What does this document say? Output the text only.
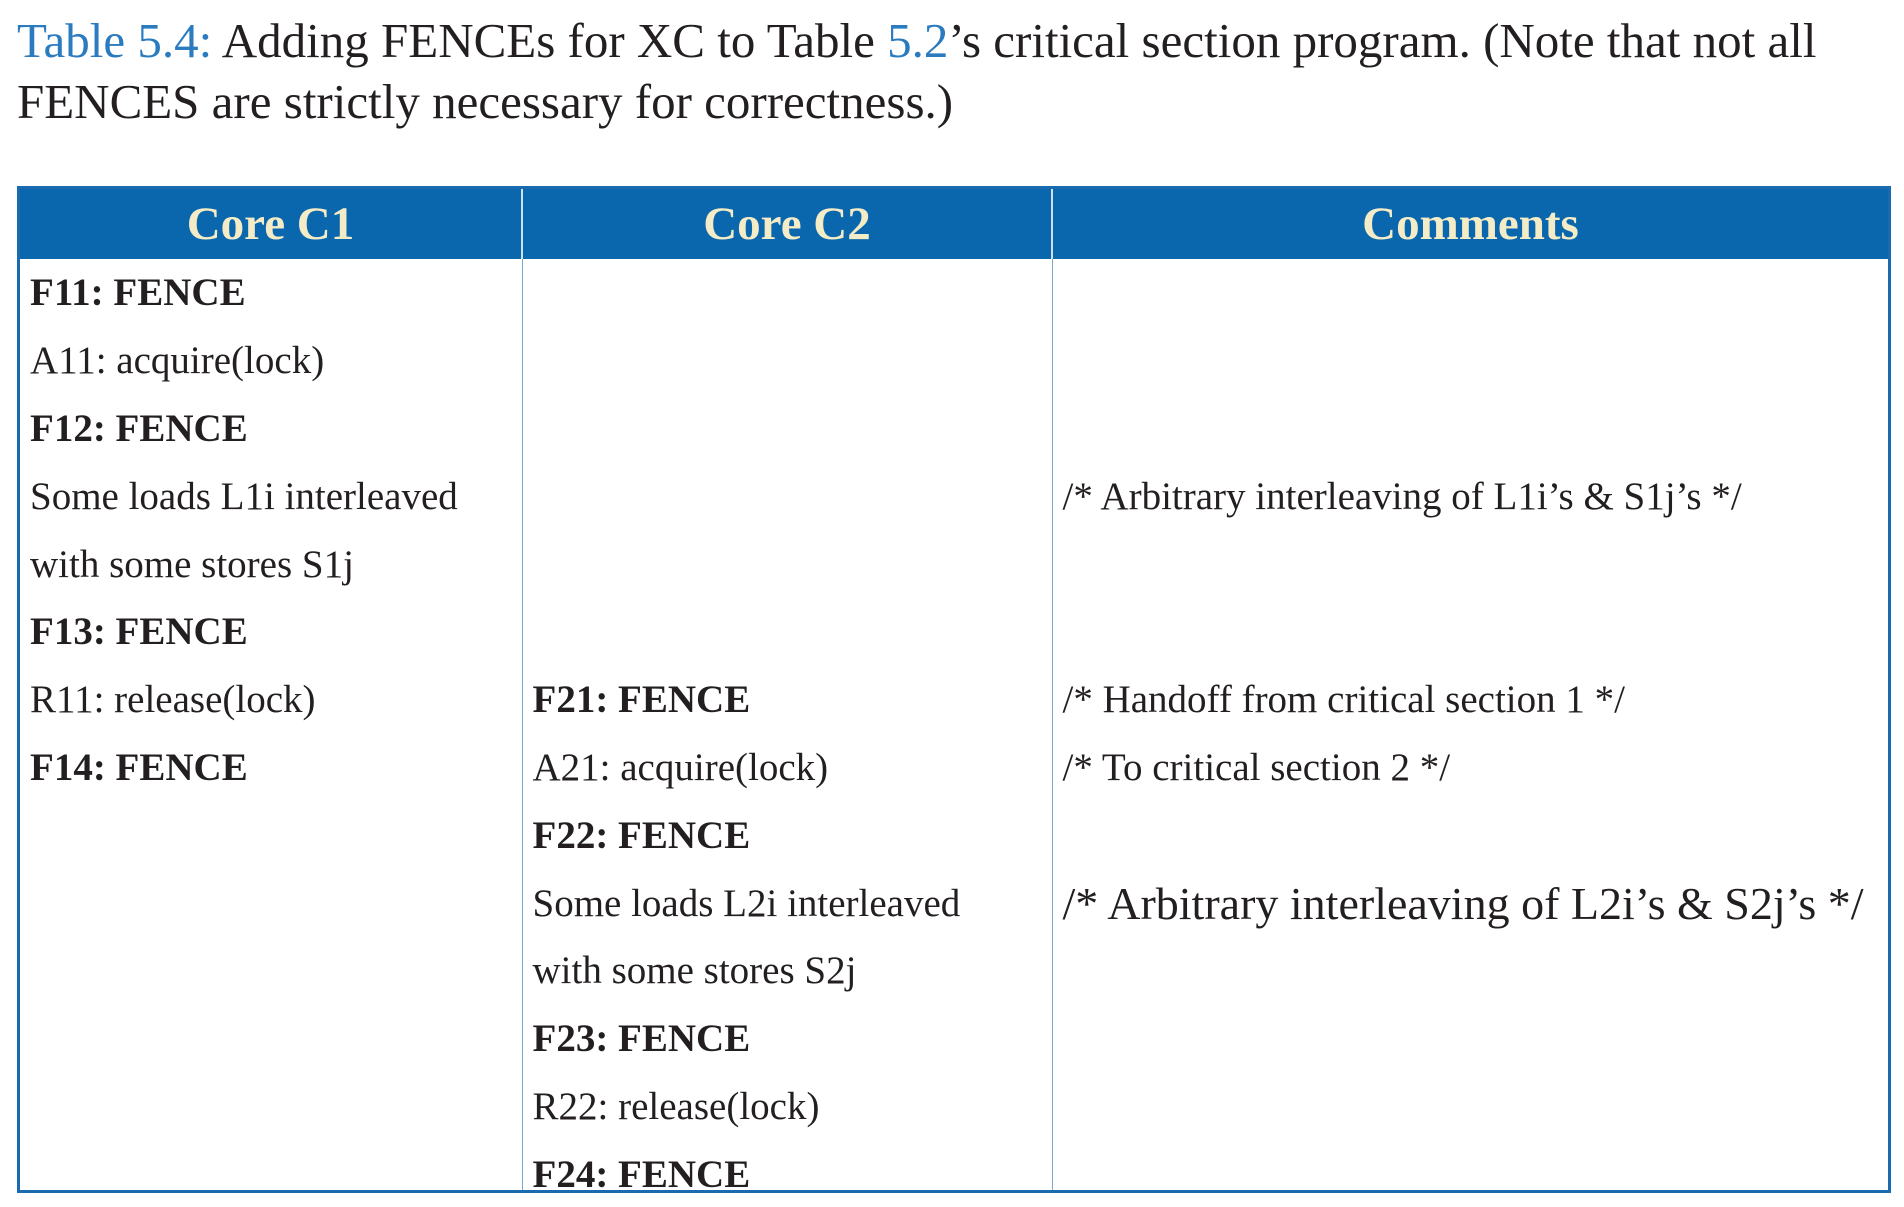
Table 5.4: Adding FENCEs for XC to Table 5.2’s critical section program. (Note that not all FENCES are strictly necessary for correctness.)
Core C1	Core C2	Comments
F11: FENCE		
A11: acquire(lock)		
F12: FENCE		
Some loads L1i interleaved		/* Arbitrary interleaving of L1i’s & S1j’s */
with some stores S1j		
F13: FENCE		
R11: release(lock)	F21: FENCE	/* Handoff from critical section 1 */
F14: FENCE	A21: acquire(lock)	/* To critical section 2 */
	F22: FENCE	
	Some loads L2i interleaved	/* Arbitrary interleaving of L2i’s & S2j’s */
	with some stores S2j	
	F23: FENCE	
	R22: release(lock)	
	F24: FENCE	
